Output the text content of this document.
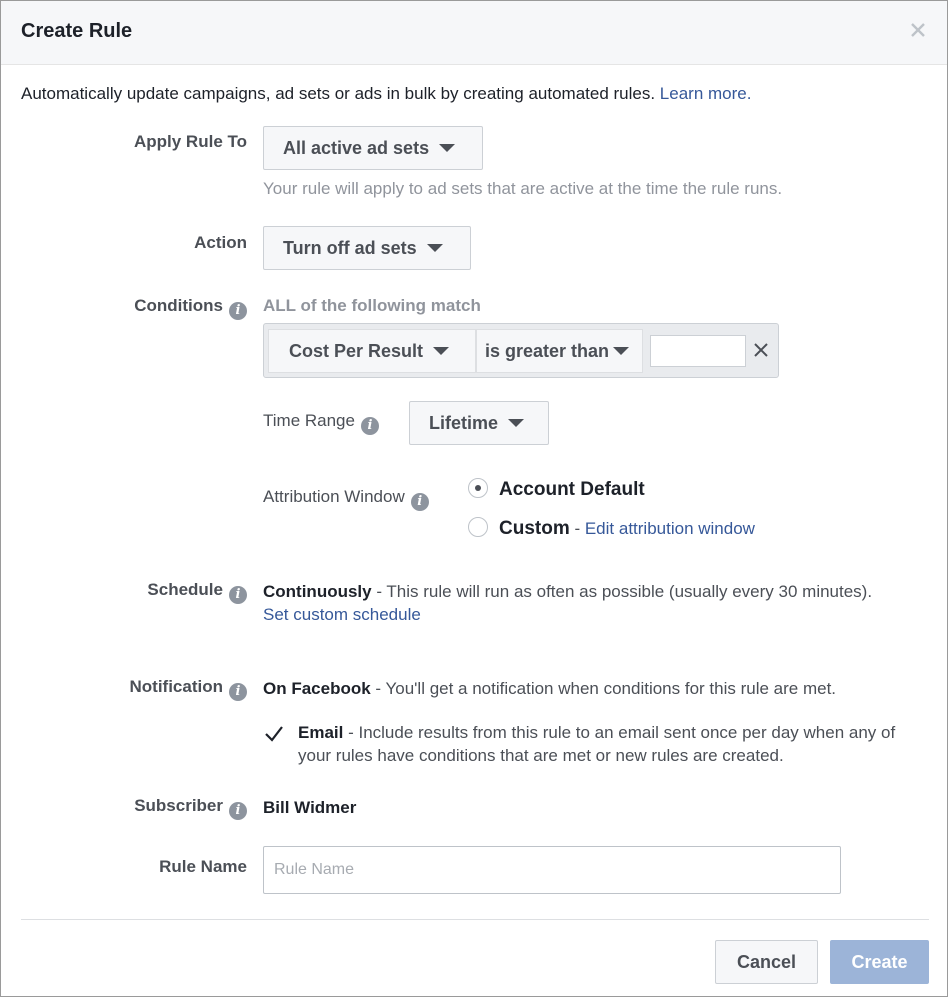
Create Rule
Automatically update campaigns, ad sets or ads in bulk by creating automated rules. Learn more.
Apply Rule To All active ad sets
Your rule will apply to ad sets that are active at the time the rule runs.
Action Turn off ad sets
Conditions i	ALL of the following match
Cost Per Result	is greater than
Time Range i	Lifetime
Attribution Window i
Account Default
Custom - Edit attribution window
Schedule i	Continuously - This rule will run as often as possible (usually every 30 minutes).
Set custom schedule
Notification i	On Facebook - You'll get a notification when conditions for this rule are met.
Email - Include results from this rule to an email sent once per day when any of your rules have conditions that are met or new rules are created.
Subscriber i	Bill Widmer
Rule Name
Rule Name
Cancel	Create
